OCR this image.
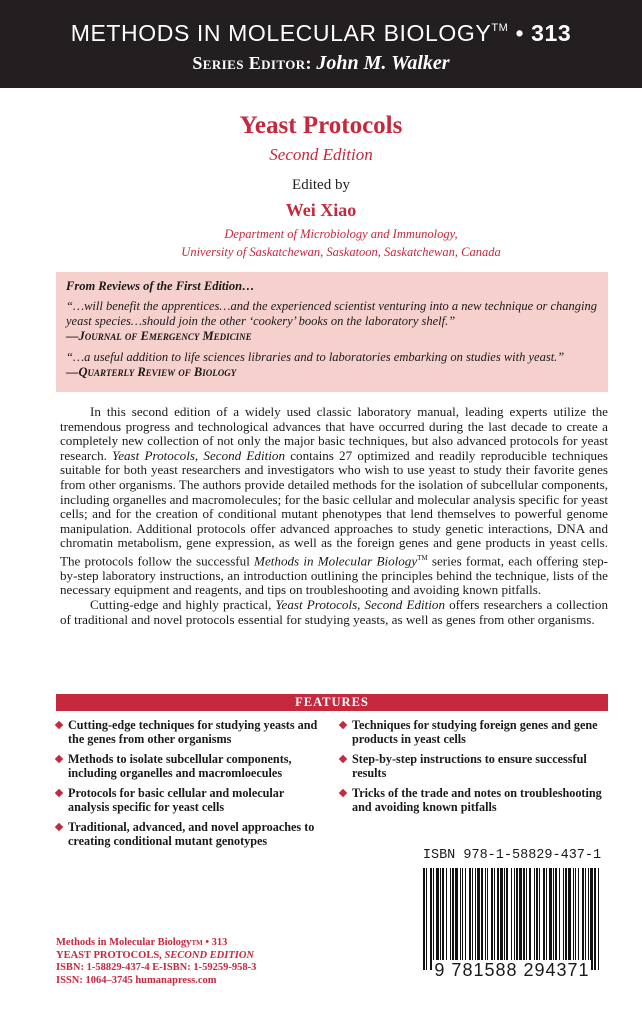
METHODS IN MOLECULAR BIOLOGY™ • 313
Series Editor: John M. Walker
Yeast Protocols
Second Edition
Edited by
Wei Xiao
Department of Microbiology and Immunology,
University of Saskatchewan, Saskatoon, Saskatchewan, Canada
From Reviews of the First Edition…
“…will benefit the apprentices…and the experienced scientist venturing into a new technique or changing yeast species…should join the other ‘cookery’ books on the laboratory shelf.”
—Journal of Emergency Medicine
“…a useful addition to life sciences libraries and to laboratories embarking on studies with yeast.”
—Quarterly Review of Biology

In this second edition of a widely used classic laboratory manual, leading experts utilize the tremendous progress and technological advances that have occurred during the last decade to create a completely new collection of not only the major basic techniques, but also advanced protocols for yeast research. Yeast Protocols, Second Edition contains 27 optimized and readily reproducible techniques suitable for both yeast researchers and investigators who wish to use yeast to study their favorite genes from other organisms. The authors provide detailed methods for the isolation of subcellular components, including organelles and macromolecules; for the basic cellular and molecular analysis specific for yeast cells; and for the creation of conditional mutant phenotypes that lend themselves to powerful genome manipulation. Additional protocols offer advanced approaches to study genetic interactions, DNA and chromatin metabolism, gene expression, as well as the foreign genes and gene products in yeast cells. The protocols follow the successful Methods in Molecular Biology™ series format, each offering step-by-step laboratory instructions, an introduction outlining the principles behind the technique, lists of the necessary equipment and reagents, and tips on troubleshooting and avoiding known pitfalls.

Cutting-edge and highly practical, Yeast Protocols, Second Edition offers researchers a collection of traditional and novel protocols essential for studying yeasts, as well as genes from other organisms.

FEATURES
Cutting-edge techniques for studying yeasts and the genes from other organisms
Methods to isolate subcellular components, including organelles and macromloecules
Protocols for basic cellular and molecular analysis specific for yeast cells
Traditional, advanced, and novel approaches to creating conditional mutant genotypes
Techniques for studying foreign genes and gene products in yeast cells
Step-by-step instructions to ensure successful results
Tricks of the trade and notes on troubleshooting and avoiding known pitfalls
ISBN 978-1-58829-437-1
9 781588 294371
Methods in Molecular Biology™ • 313
YEAST PROTOCOLS, SECOND EDITION
ISBN: 1-58829-437-4 E-ISBN: 1-59259-958-3
ISSN: 1064–3745 humanapress.com
